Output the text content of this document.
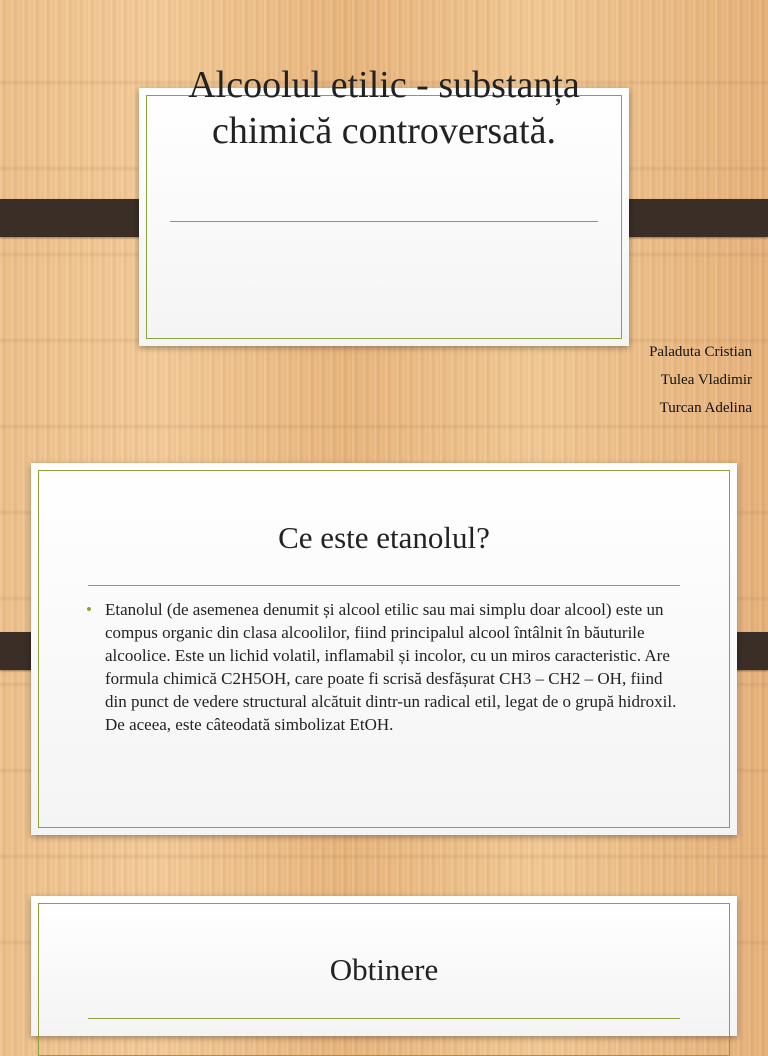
Alcoolul etilic - substanța chimică controversată.
Paladuta Cristian
Tulea Vladimir
Turcan Adelina
Ce este etanolul?
• Etanolul (de asemenea denumit și alcool etilic sau mai simplu doar alcool) este un compus organic din clasa alcoolilor, fiind principalul alcool întâlnit în băuturile alcoolice. Este un lichid volatil, inflamabil și incolor, cu un miros caracteristic. Are formula chimică C2H5OH, care poate fi scrisă desfășurat CH3 – CH2 – OH, fiind din punct de vedere structural alcătuit dintr-un radical etil, legat de o grupă hidroxil. De aceea, este câteodată simbolizat EtOH.
Obtinere
